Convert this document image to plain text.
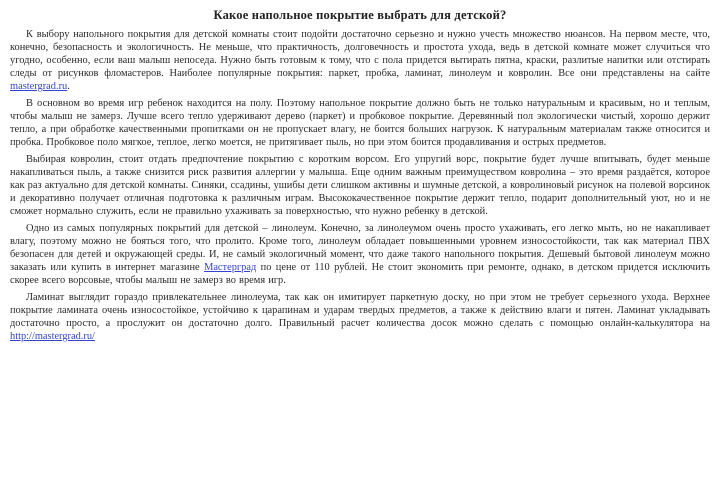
Какое напольное покрытие выбрать для детской?

К выбору напольного покрытия для детской комнаты стоит подойти достаточно серьезно и нужно учесть множество нюансов. На первом месте, что, конечно, безопасность и экологичность. Не меньше, что практичность, долговечность и простота ухода, ведь в детской комнате может случиться что угодно, особенно, если ваш малыш непоседа. Нужно быть готовым к тому, что с пола придется вытирать пятна, краски, разлитые напитки или отстирать следы от рисунков фломастеров. Наиболее популярные покрытия: паркет, пробка, ламинат, линолеум и ковролин. Все они представлены на сайте mastergrad.ru.

В основном во время игр ребенок находится на полу. Поэтому напольное покрытие должно быть не только натуральным и красивым, но и теплым, чтобы малыш не замерз. Лучше всего тепло удерживают дерево (паркет) и пробковое покрытие. Деревянный пол экологически чистый, хорошо держит тепло, а при обработке качественными пропитками он не пропускает влагу, не боится больших нагрузок. К натуральным материалам также относится и пробка. Пробковое поло мягкое, теплое, легко моется, не притягивает пыль, но при этом боится продавливания и острых предметов.

Выбирая ковролин, стоит отдать предпочтение покрытию с коротким ворсом. Его упругий ворс, покрытие будет лучше впитывать, будет меньше накапливаться пыль, а также снизится риск развития аллергии у малыша. Еще одним важным преимуществом ковролина – это время раздаётся, которое как раз актуально для детской комнаты. Синяки, ссадины, ушибы дети слишком активны и шумные детской, а ковролиновый рисунок на полевой ворсинок и декоративно получает отличная подготовка к различным играм. Высококачественное покрытие держит тепло, подарит дополнительный уют, но и не сможет нормально служить, если не правильно ухаживать за поверхностью, что нужно ребенку в детской.

Одно из самых популярных покрытий для детской – линолеум. Конечно, за линолеумом очень просто ухаживать, его легко мыть, но не накапливает влагу, поэтому можно не бояться того, что пролито. Кроме того, линолеум обладает повышенными уровнем износостойкости, так как материал ПВХ безопасен для детей и окружающей среды. И, не самый экологичный момент, что даже такого напольного покрытия. Дешевый бытовой линолеум можно заказать или купить в интернет магазине Мастерград по цене от 110 рублей. Не стоит экономить при ремонте, однако, в детском придется исключить скорее всего ворсовые, чтобы малыш не замерз во время игр.

Ламинат выглядит гораздо привлекательнее линолеума, так как он имитирует паркетную доску, но при этом не требует серьезного ухода. Верхнее покрытие ламината очень износостойкое, устойчиво к царапинам и ударам твердых предметов, а также к действию влаги и пятен. Ламинат укладывать достаточно просто, а прослужит он достаточно долго. Правильный расчет количества досок можно сделать с помощью онлайн-калькулятора на http://mastergrad.ru/
